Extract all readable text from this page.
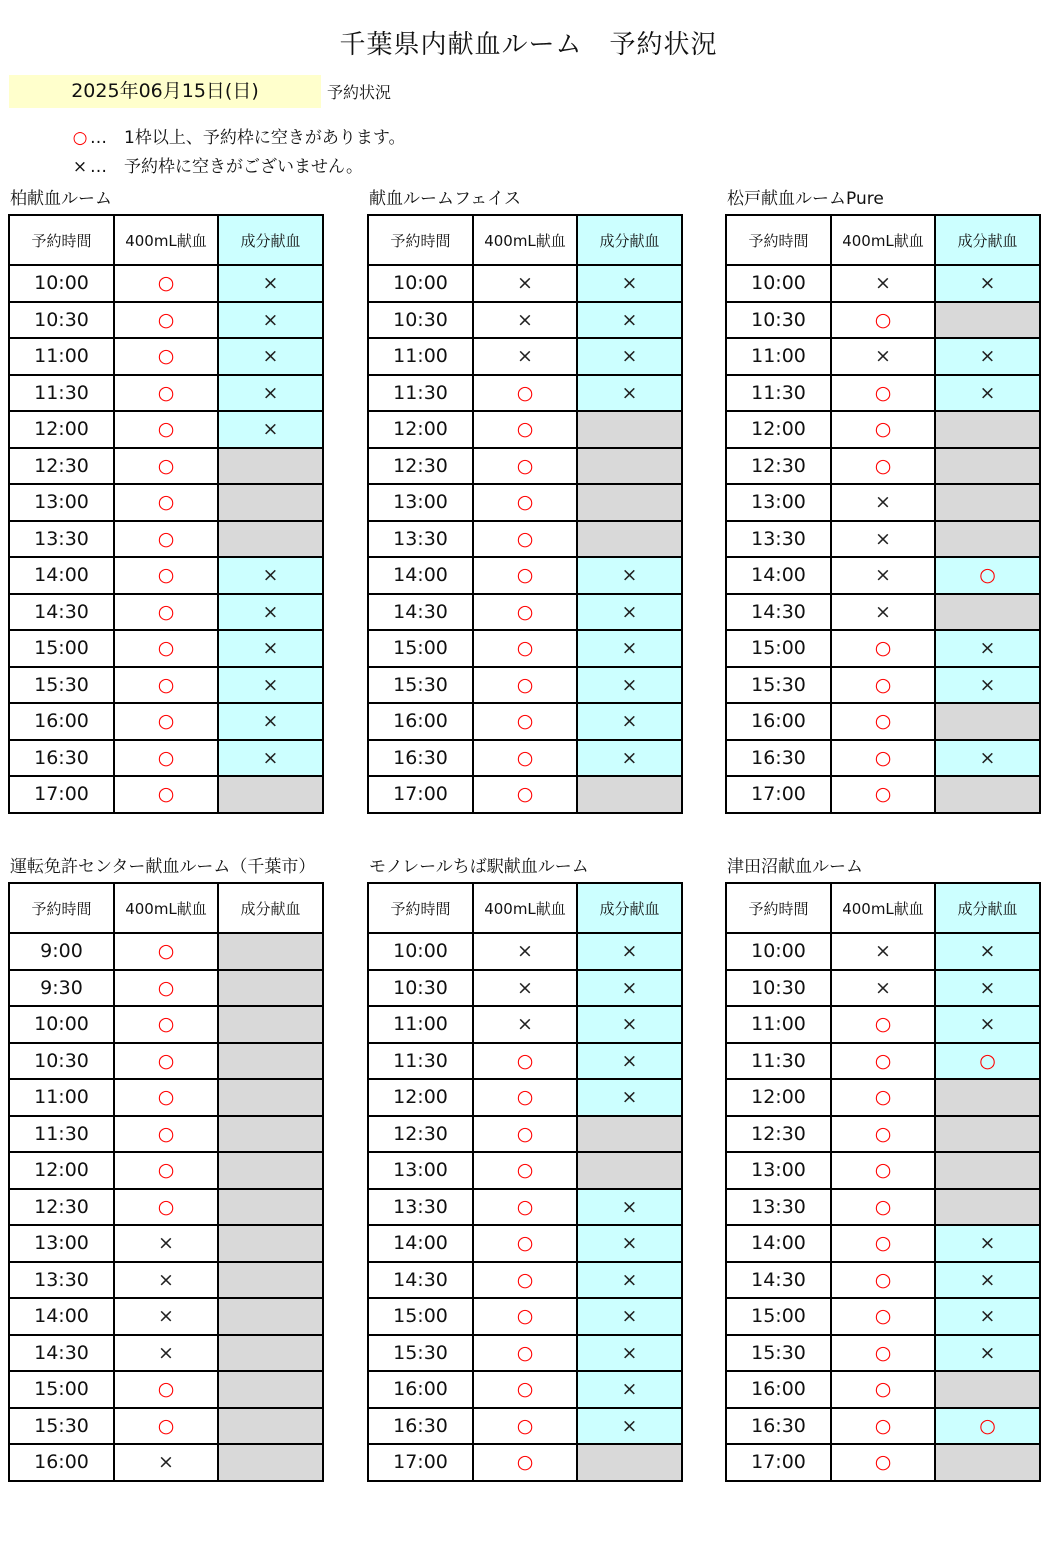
千葉県内献血ルーム　予約状況
2025年06月15日(日)	予約状況
○ …　1枠以上、予約枠に空きがあります。
× …　予約枠に空きがございません。
柏献血ルーム
予約時間	400mL献血	成分献血
10:00	○	×
10:30	○	×
11:00	○	×
11:30	○	×
12:00	○	×
12:30	○	
13:00	○	
13:30	○	
14:00	○	×
14:30	○	×
15:00	○	×
15:30	○	×
16:00	○	×
16:30	○	×
17:00	○	
献血ルームフェイス
予約時間	400mL献血	成分献血
10:00	×	×
10:30	×	×
11:00	×	×
11:30	○	×
12:00	○	
12:30	○	
13:00	○	
13:30	○	
14:00	○	×
14:30	○	×
15:00	○	×
15:30	○	×
16:00	○	×
16:30	○	×
17:00	○	
松戸献血ルームPure
予約時間	400mL献血	成分献血
10:00	×	×
10:30	○	
11:00	×	×
11:30	○	×
12:00	○	
12:30	○	
13:00	×	
13:30	×	
14:00	×	○
14:30	×	
15:00	○	×
15:30	○	×
16:00	○	
16:30	○	×
17:00	○	
運転免許センター献血ルーム（千葉市）
予約時間	400mL献血	成分献血
9:00	○	
9:30	○	
10:00	○	
10:30	○	
11:00	○	
11:30	○	
12:00	○	
12:30	○	
13:00	×	
13:30	×	
14:00	×	
14:30	×	
15:00	○	
15:30	○	
16:00	×	
モノレールちば駅献血ルーム
予約時間	400mL献血	成分献血
10:00	×	×
10:30	×	×
11:00	×	×
11:30	○	×
12:00	○	×
12:30	○	
13:00	○	
13:30	○	×
14:00	○	×
14:30	○	×
15:00	○	×
15:30	○	×
16:00	○	×
16:30	○	×
17:00	○	
津田沼献血ルーム
予約時間	400mL献血	成分献血
10:00	×	×
10:30	×	×
11:00	○	×
11:30	○	○
12:00	○	
12:30	○	
13:00	○	
13:30	○	
14:00	○	×
14:30	○	×
15:00	○	×
15:30	○	×
16:00	○	
16:30	○	○
17:00	○	
